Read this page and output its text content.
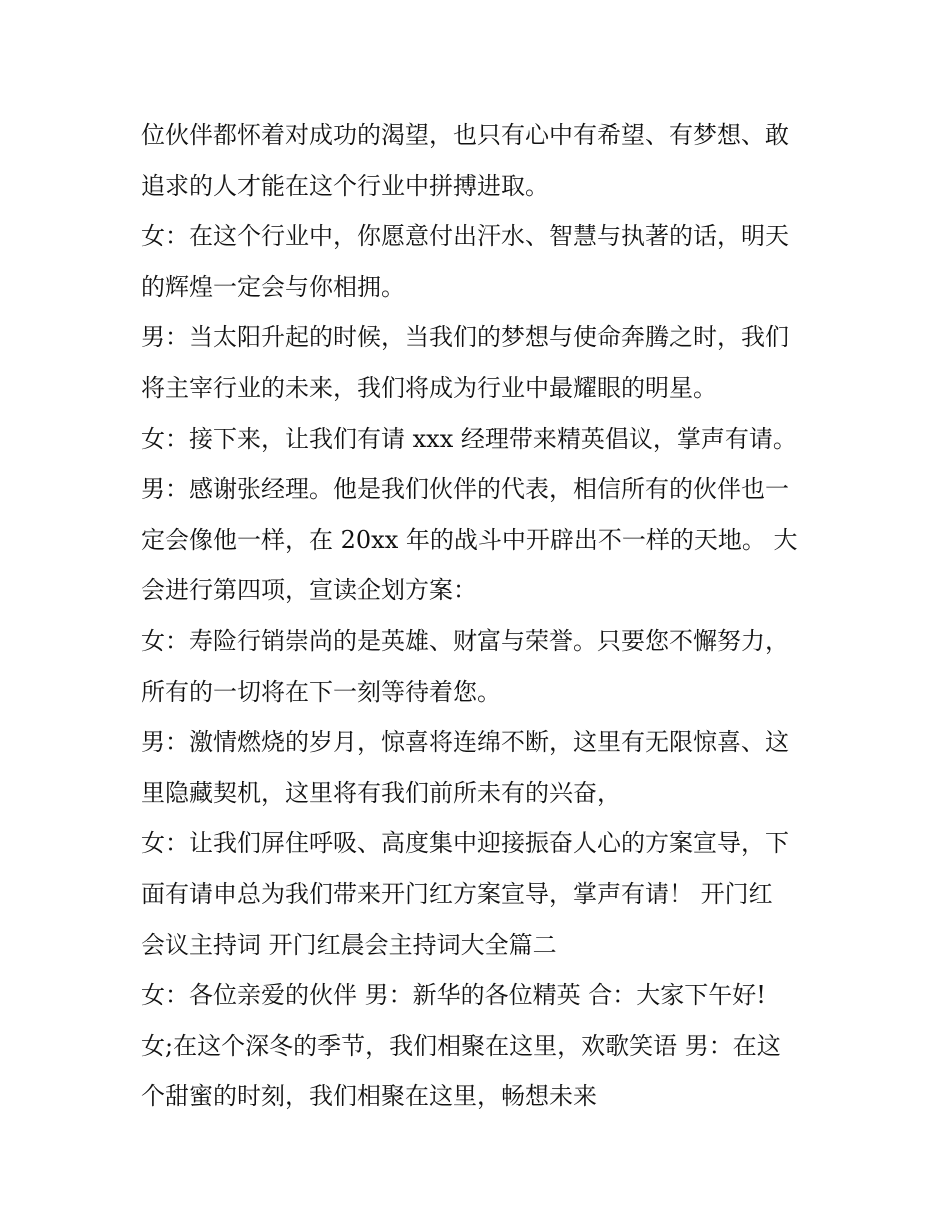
位伙伴都怀着对成功的渴望，也只有心中有希望、有梦想、敢
追求的人才能在这个行业中拼搏进取。
女：在这个行业中，你愿意付出汗水、智慧与执著的话，明天
的辉煌一定会与你相拥。
男：当太阳升起的时候，当我们的梦想与使命奔腾之时，我们
将主宰行业的未来，我们将成为行业中最耀眼的明星。
女：接下来，让我们有请 xxx 经理带来精英倡议，掌声有请。
男：感谢张经理。他是我们伙伴的代表，相信所有的伙伴也一
定会像他一样，在 20xx 年的战斗中开辟出不一样的天地。 大
会进行第四项，宣读企划方案：
女：寿险行销崇尚的是英雄、财富与荣誉。只要您不懈努力，
所有的一切将在下一刻等待着您。
男：激情燃烧的岁月，惊喜将连绵不断，这里有无限惊喜、这
里隐藏契机，这里将有我们前所未有的兴奋，
女：让我们屏住呼吸、高度集中迎接振奋人心的方案宣导，下
面有请申总为我们带来开门红方案宣导，掌声有请！ 开门红
会议主持词 开门红晨会主持词大全篇二
女：各位亲爱的伙伴 男：新华的各位精英 合：大家下午好!
女;在这个深冬的季节，我们相聚在这里，欢歌笑语 男：在这
个甜蜜的时刻，我们相聚在这里，畅想未来
